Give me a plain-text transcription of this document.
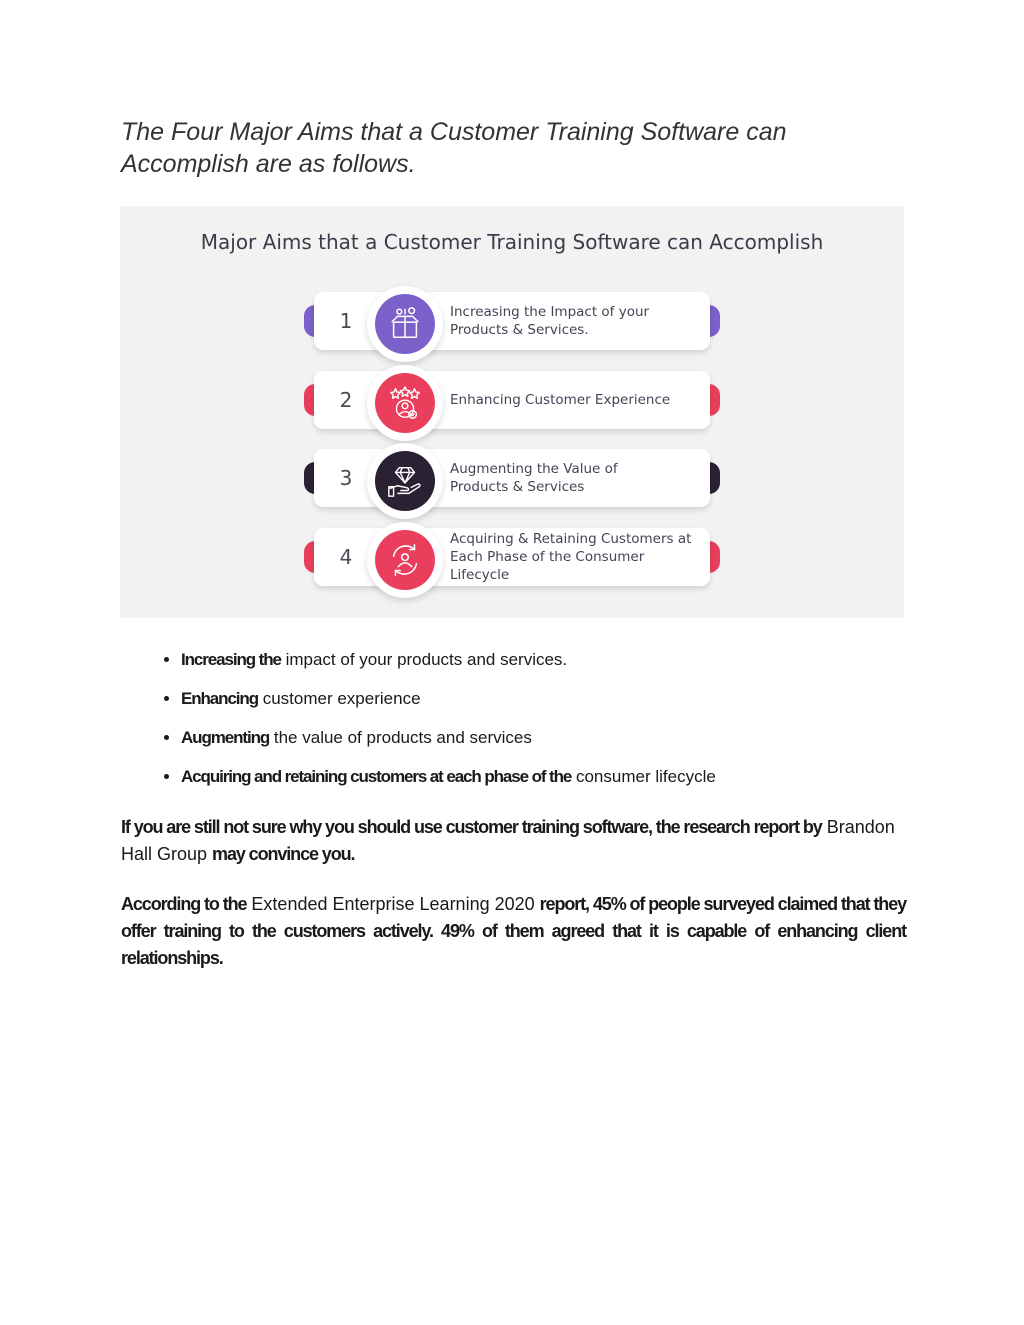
The Four Major Aims that a Customer Training Software can
Accomplish are as follows.
Major Aims that a Customer Training Software can Accomplish
1	Increasing the Impact of your
Products & Services.
2	Enhancing Customer Experience
3	Augmenting the Value of
Products & Services
4
Acquiring & Retaining Customers at
Each Phase of the Consumer Lifecycle
• Increasing the impact of your products and services.
• Enhancing customer experience
• Augmenting the value of products and services
• Acquiring and retaining customers at each phase of the consumer lifecycle

If you are still not sure why you should use customer training software, the research report by Brandon Hall Group may convince you.

According to the Extended Enterprise Learning 2020 report, 45% of people surveyed claimed that they offer training to the customers actively. 49% of them agreed that it is capable of enhancing client relationships.
